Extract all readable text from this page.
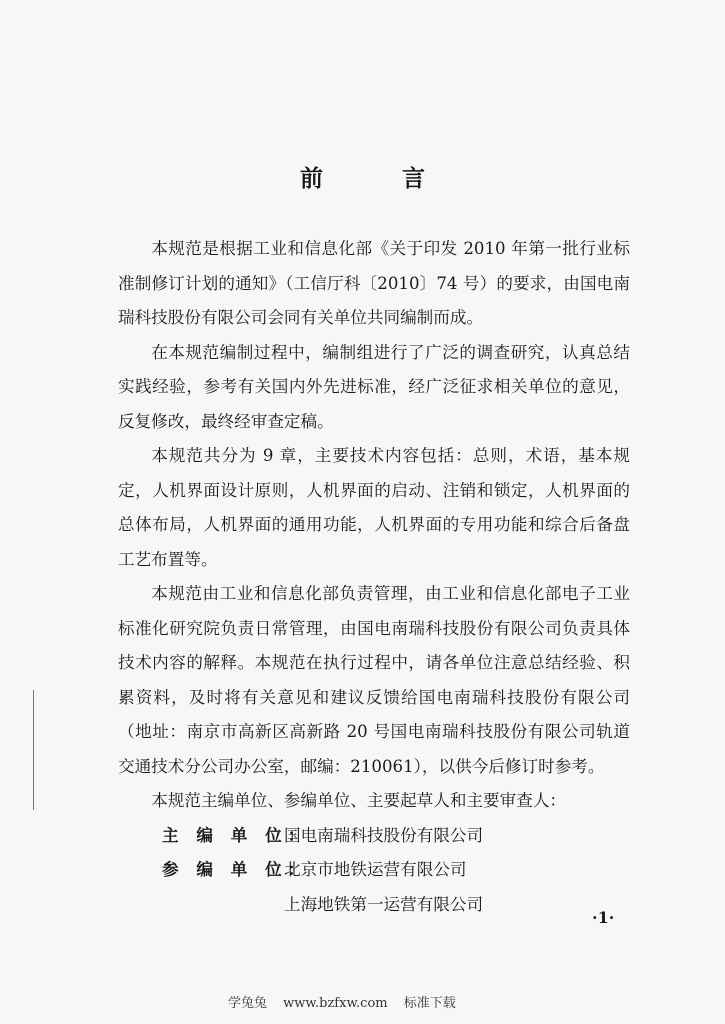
前　言

本规范是根据工业和信息化部《关于印发 2010 年第一批行业标准制修订计划的通知》（工信厅科〔2010〕74 号）的要求，由国电南瑞科技股份有限公司会同有关单位共同编制而成。

在本规范编制过程中，编制组进行了广泛的调查研究，认真总结实践经验，参考有关国内外先进标准，经广泛征求相关单位的意见，反复修改，最终经审查定稿。

本规范共分为 9 章，主要技术内容包括：总则，术语，基本规定，人机界面设计原则，人机界面的启动、注销和锁定，人机界面的总体布局，人机界面的通用功能，人机界面的专用功能和综合后备盘工艺布置等。

本规范由工业和信息化部负责管理，由工业和信息化部电子工业标准化研究院负责日常管理，由国电南瑞科技股份有限公司负责具体技术内容的解释。本规范在执行过程中，请各单位注意总结经验、积累资料，及时将有关意见和建议反馈给国电南瑞科技股份有限公司（地址：南京市高新区高新路 20 号国电南瑞科技股份有限公司轨道交通技术分公司办公室，邮编：210061），以供今后修订时参考。

本规范主编单位、参编单位、主要起草人和主要审查人：

主 编 单 位：
国电南瑞科技股份有限公司
参 编 单 位：
北京市地铁运营有限公司
上海地铁第一运营有限公司
·1·
学兔兔 www.bzfxw.com 标准下载
